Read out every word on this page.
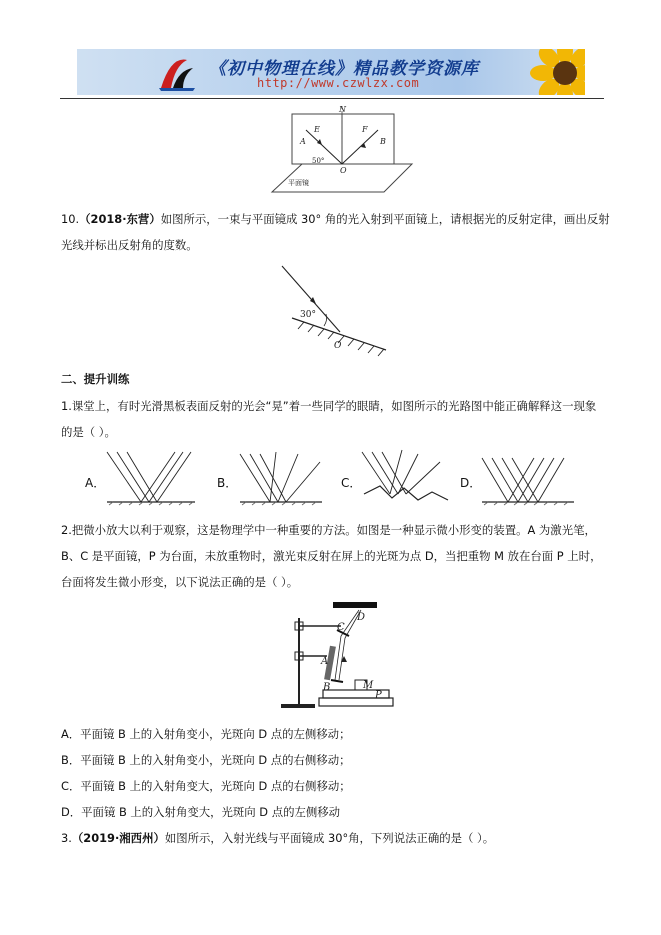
《初中物理在线》精品教学资源库
http://www.czwlzx.com
N
E	F
A	B
O
50°
平面镜
10.（2018·东营）如图所示，一束与平面镜成 30° 角的光入射到平面镜上，请根据光的反射定律，画出反射
光线并标出反射角的度数。
30°
O
二、提升训练
1.课堂上，有时光滑黑板表面反射的光会“晃”着一些同学的眼睛，如图所示的光路图中能正确解释这一现象
的是（ ）。
A．	B．	C．	D．
2.把微小放大以利于观察，这是物理学中一种重要的方法。如图是一种显示微小形变的装置。A 为激光笔，
B、C 是平面镜，P 为台面，未放重物时，激光束反射在屏上的光斑为点 D，当把重物 M 放在台面 P 上时，
台面将发生微小形变，以下说法正确的是（ ）。
D
C
A
B	M
P
A．平面镜 B 上的入射角变小，光斑向 D 点的左侧移动；
B．平面镜 B 上的入射角变小，光斑向 D 点的右侧移动；
C．平面镜 B 上的入射角变大，光斑向 D 点的右侧移动；
D．平面镜 B 上的入射角变大，光斑向 D 点的左侧移动
3.（2019·湘西州）如图所示，入射光线与平面镜成 30°角，下列说法正确的是（ ）。
